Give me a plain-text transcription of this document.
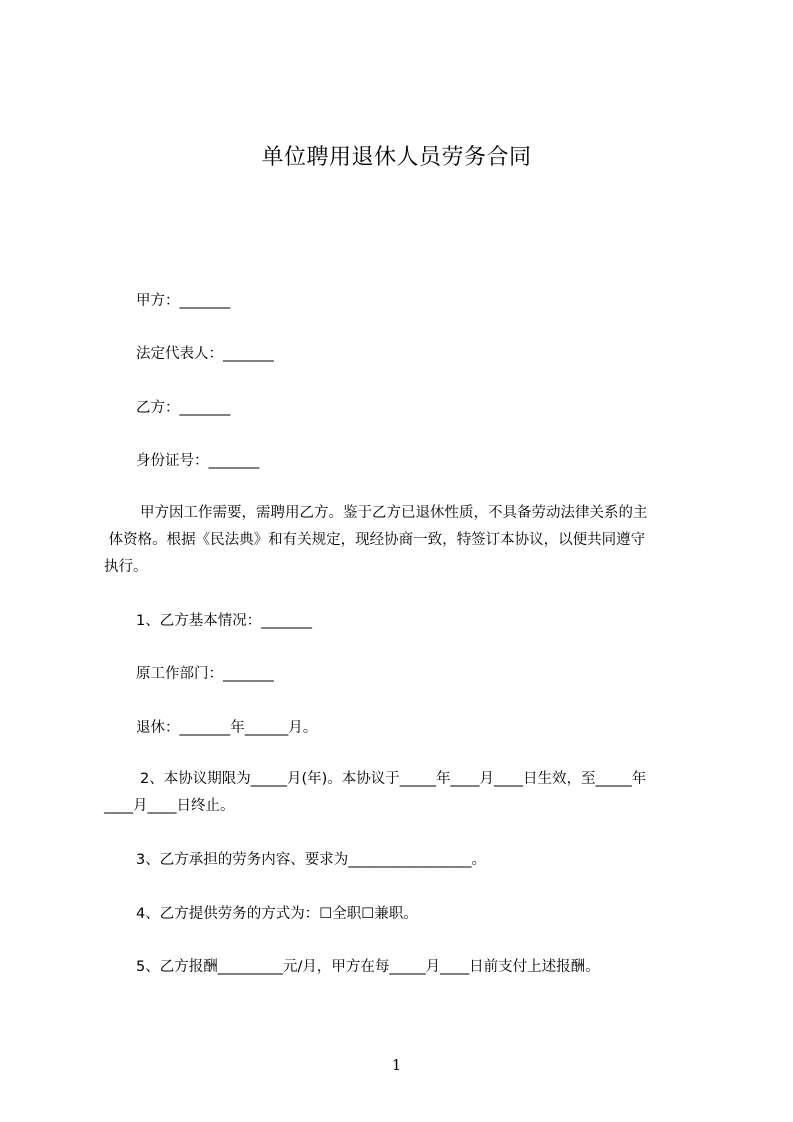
单位聘用退休人员劳务合同
甲方：_______
法定代表人：_______
乙方：_______
身份证号：_______
甲方因工作需要，需聘用乙方。鉴于乙方已退休性质，不具备劳动法律关系的主
体资格。根据《民法典》和有关规定，现经协商一致，特签订本协议，以便共同遵守
执行。
1、乙方基本情况：_______
原工作部门：_______
退休：_______年______月。
2、本协议期限为_____月(年)。本协议于_____年____月____日生效，至_____年
____月____日终止。
3、乙方承担的劳务内容、要求为_________________。
4、乙方提供劳务的方式为：☐全职☐兼职。
5、乙方报酬_________元/月，甲方在每_____月____日前支付上述报酬。
1
